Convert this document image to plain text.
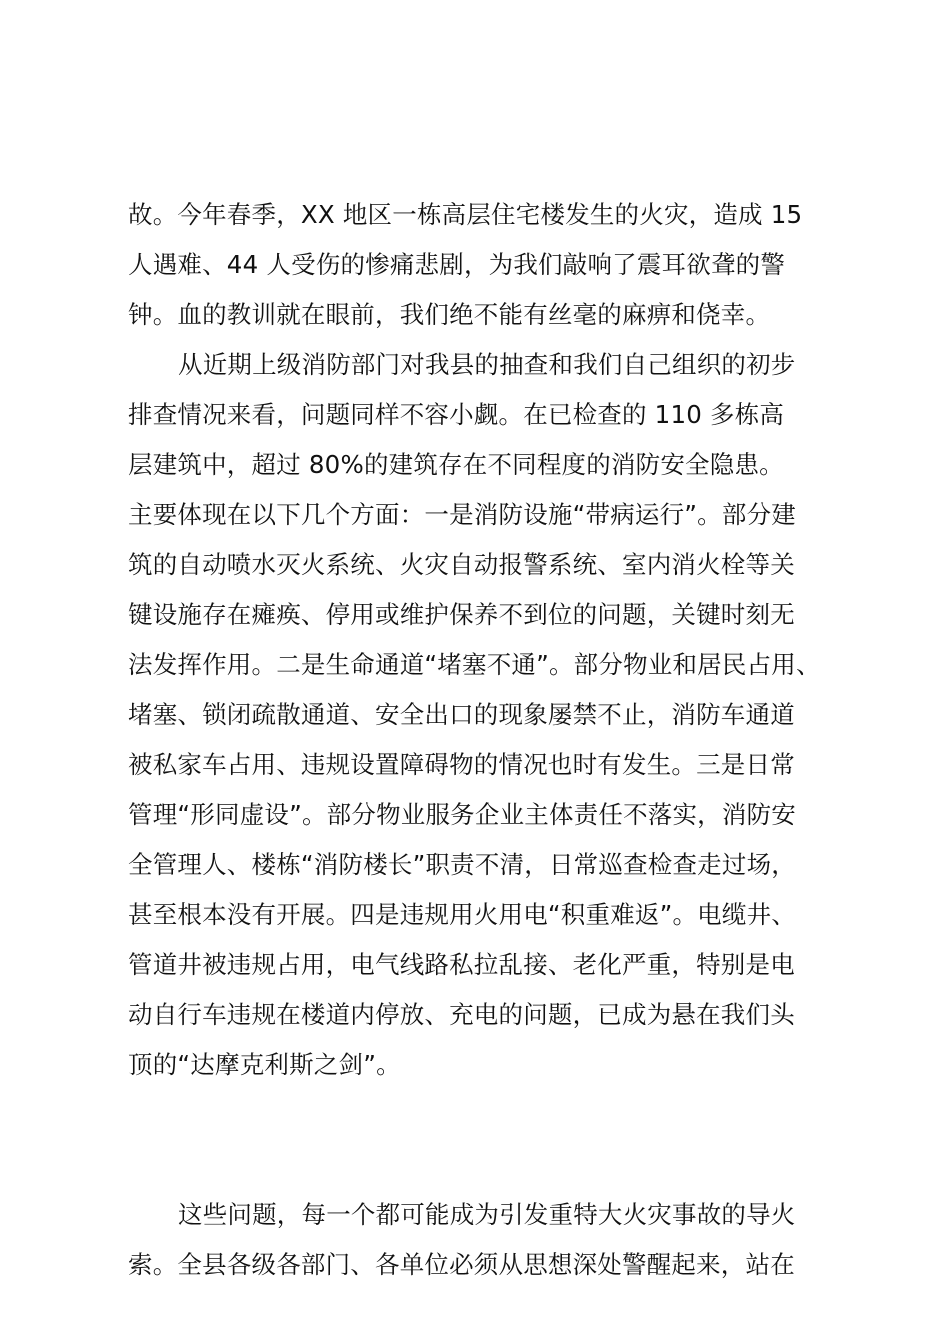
故。今年春季，XX 地区一栋高层住宅楼发生的火灾，造成 15
人遇难、44 人受伤的惨痛悲剧，为我们敲响了震耳欲聋的警
钟。血的教训就在眼前，我们绝不能有丝毫的麻痹和侥幸。
从近期上级消防部门对我县的抽查和我们自己组织的初步
排查情况来看，问题同样不容小觑。在已检查的 110 多栋高
层建筑中，超过 80%的建筑存在不同程度的消防安全隐患。
主要体现在以下几个方面：一是消防设施“带病运行”。部分建
筑的自动喷水灭火系统、火灾自动报警系统、室内消火栓等关
键设施存在瘫痪、停用或维护保养不到位的问题，关键时刻无
法发挥作用。二是生命通道“堵塞不通”。部分物业和居民占用、
堵塞、锁闭疏散通道、安全出口的现象屡禁不止，消防车通道
被私家车占用、违规设置障碍物的情况也时有发生。三是日常
管理“形同虚设”。部分物业服务企业主体责任不落实，消防安
全管理人、楼栋“消防楼长”职责不清，日常巡查检查走过场，
甚至根本没有开展。四是违规用火用电“积重难返”。电缆井、
管道井被违规占用，电气线路私拉乱接、老化严重，特别是电
动自行车违规在楼道内停放、充电的问题，已成为悬在我们头
顶的“达摩克利斯之剑”。
这些问题，每一个都可能成为引发重特大火灾事故的导火
索。全县各级各部门、各单位必须从思想深处警醒起来，站在
